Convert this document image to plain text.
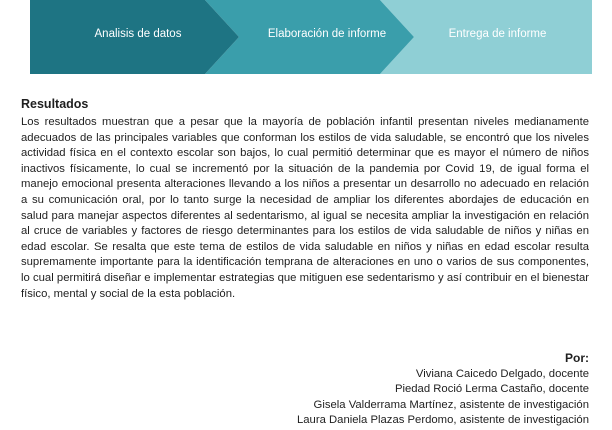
Analisis de datos	Elaboración de informe	Entrega de informe
Resultados

Los resultados muestran que a pesar que la mayoría de población infantil presentan niveles medianamente adecuados de las principales variables que conforman los estilos de vida saludable, se encontró que los niveles actividad física en el contexto escolar son bajos, lo cual permitió determinar que es mayor el número de niños inactivos físicamente, lo cual se incrementó por la situación de la pandemia por Covid 19, de igual forma el manejo emocional presenta alteraciones llevando a los niños a presentar un desarrollo no adecuado en relación a su comunicación oral, por lo tanto surge la necesidad de ampliar los diferentes abordajes de educación en salud para manejar aspectos diferentes al sedentarismo, al igual se necesita ampliar la investigación en relación al cruce de variables y factores de riesgo determinantes para los estilos de vida saludable de niños y niñas en edad escolar. Se resalta que este tema de estilos de vida saludable en niños y niñas en edad escolar resulta supremamente importante para la identificación temprana de alteraciones en uno o varios de sus componentes, lo cual permitirá diseñar e implementar estrategias que mitiguen ese sedentarismo y así contribuir en el bienestar físico, mental y social de la esta población.

Por:
Viviana Caicedo Delgado, docente
Piedad Roció Lerma Castaño, docente
Gisela Valderrama Martínez, asistente de investigación
Laura Daniela Plazas Perdomo, asistente de investigación
